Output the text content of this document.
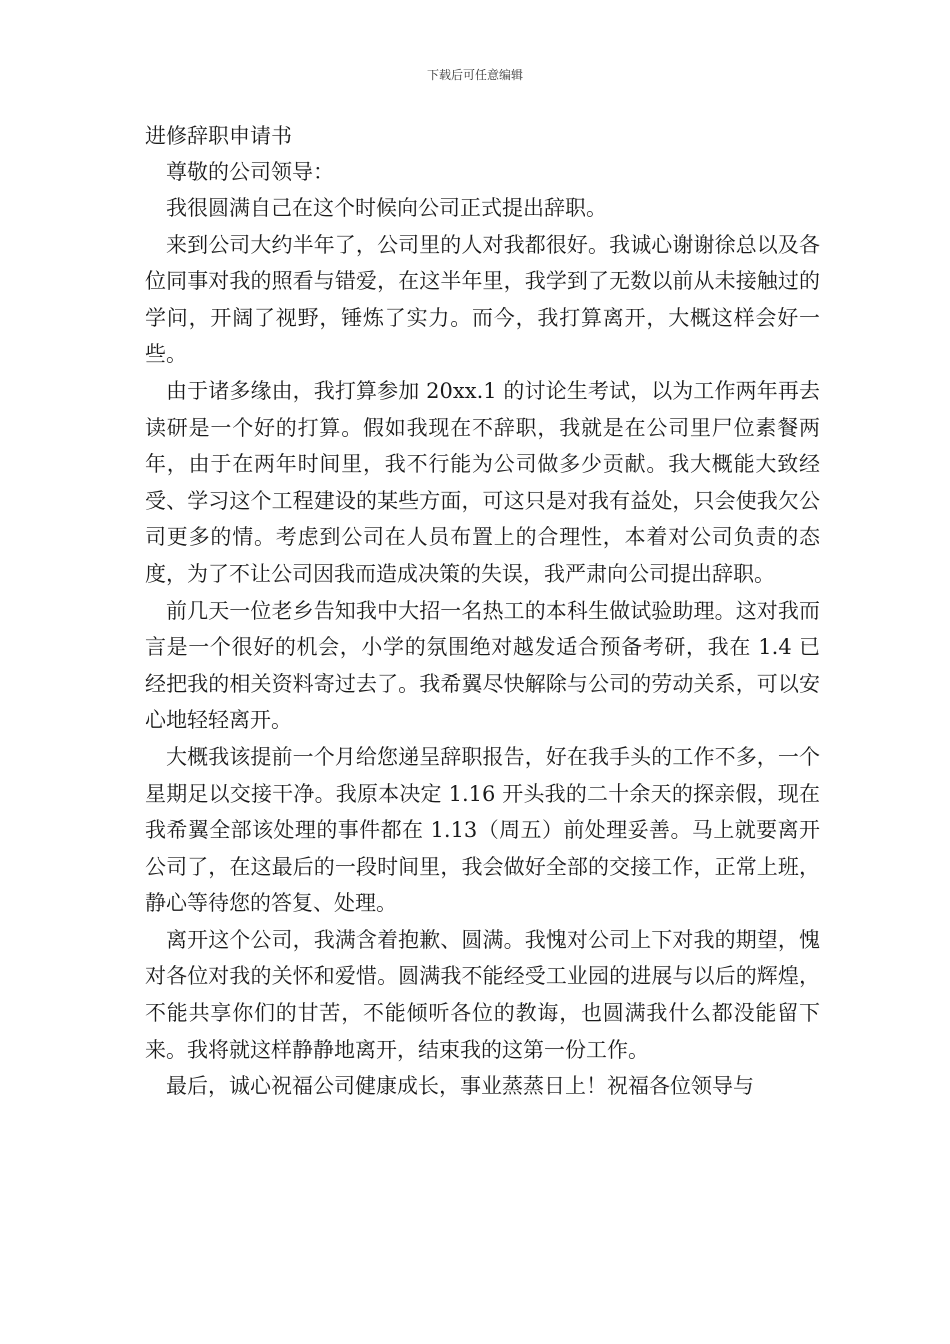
下载后可任意编辑

进修辞职申请书

尊敬的公司领导：

我很圆满自己在这个时候向公司正式提出辞职。

来到公司大约半年了，公司里的人对我都很好。我诚心谢谢徐总以及各位同事对我的照看与错爱，在这半年里，我学到了无数以前从未接触过的学问，开阔了视野，锤炼了实力。而今，我打算离开，大概这样会好一些。

由于诸多缘由，我打算参加 20xx.1 的讨论生考试，以为工作两年再去读研是一个好的打算。假如我现在不辞职，我就是在公司里尸位素餐两年，由于在两年时间里，我不行能为公司做多少贡献。我大概能大致经受、学习这个工程建设的某些方面，可这只是对我有益处，只会使我欠公司更多的情。考虑到公司在人员布置上的合理性，本着对公司负责的态度，为了不让公司因我而造成决策的失误，我严肃向公司提出辞职。

前几天一位老乡告知我中大招一名热工的本科生做试验助理。这对我而言是一个很好的机会，小学的氛围绝对越发适合预备考研，我在 1.4 已经把我的相关资料寄过去了。我希翼尽快解除与公司的劳动关系，可以安心地轻轻离开。

大概我该提前一个月给您递呈辞职报告，好在我手头的工作不多，一个星期足以交接干净。我原本决定 1.16 开头我的二十余天的探亲假，现在我希翼全部该处理的事件都在 1.13（周五）前处理妥善。马上就要离开公司了，在这最后的一段时间里，我会做好全部的交接工作，正常上班，静心等待您的答复、处理。

离开这个公司，我满含着抱歉、圆满。我愧对公司上下对我的期望，愧对各位对我的关怀和爱惜。圆满我不能经受工业园的进展与以后的辉煌，不能共享你们的甘苦，不能倾听各位的教诲，也圆满我什么都没能留下来。我将就这样静静地离开，结束我的这第一份工作。

最后，诚心祝福公司健康成长，事业蒸蒸日上！祝福各位领导与
